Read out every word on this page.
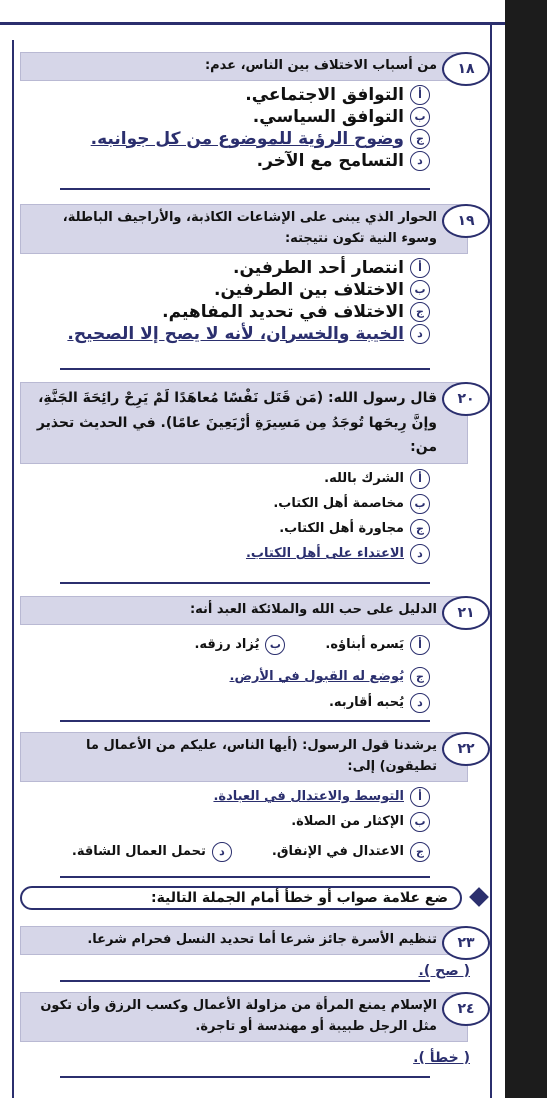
١٨
من أسباب الاختلاف بين الناس، عدم:
أ
التوافق الاجتماعي.
ب
التوافق السياسي.
ج
وضوح الرؤية للموضوع من كل جوانبه.
د
التسامح مع الآخر.
١٩
الحوار الذي يبنى على الإشاعات الكاذبة، والأراجيف الباطلة، وسوء النية تكون نتيجته:
أ
انتصار أحد الطرفين.
ب
الاختلاف بين الطرفين.
ج
الاختلاف في تحديد المفاهيم.
د
الخيبة والخسران، لأنه لا يصح إلا الصحيح.
٢٠
قال رسول الله: (مَن قَتَل نَفْسًا مُعاهَدًا لَمْ يَرِحْ رائِحَةَ الجَنَّةِ، وإنَّ رِيحَها تُوجَدُ مِن مَسِيرَةِ أرْبَعِينَ عامًا). في الحديث تحذير من:
أ
الشرك بالله.
ب
مخاصمة أهل الكتاب.
ج
مجاورة أهل الكتاب.
د
الاعتداء على أهل الكتاب.
٢١
الدليل على حب الله والملائكة العبد أنه:
أ
يَسره أبناؤه.
ب
يُزاد رزقه.
ج
يُوضع له القبول في الأرض.
د
يُحبه أقاربه.
٢٢
يرشدنا قول الرسول: (أيها الناس، عليكم من الأعمال ما تطيقون) إلى:
أ
التوسط والاعتدال في العبادة.
ب
الإكثار من الصلاة.
ج
الاعتدال في الإنفاق.
د
تحمل العمال الشاقة.
ضع علامة صواب أو خطأ أمام الجملة التالية:
٢٣
تنظيم الأسرة جائز شرعا أما تحديد النسل فحرام شرعا.
( صح ).
٢٤
الإسلام يمنع المرأة من مزاولة الأعمال وكسب الرزق وأن تكون مثل الرجل طبيبة أو مهندسة أو تاجرة.
( خطأ ).
